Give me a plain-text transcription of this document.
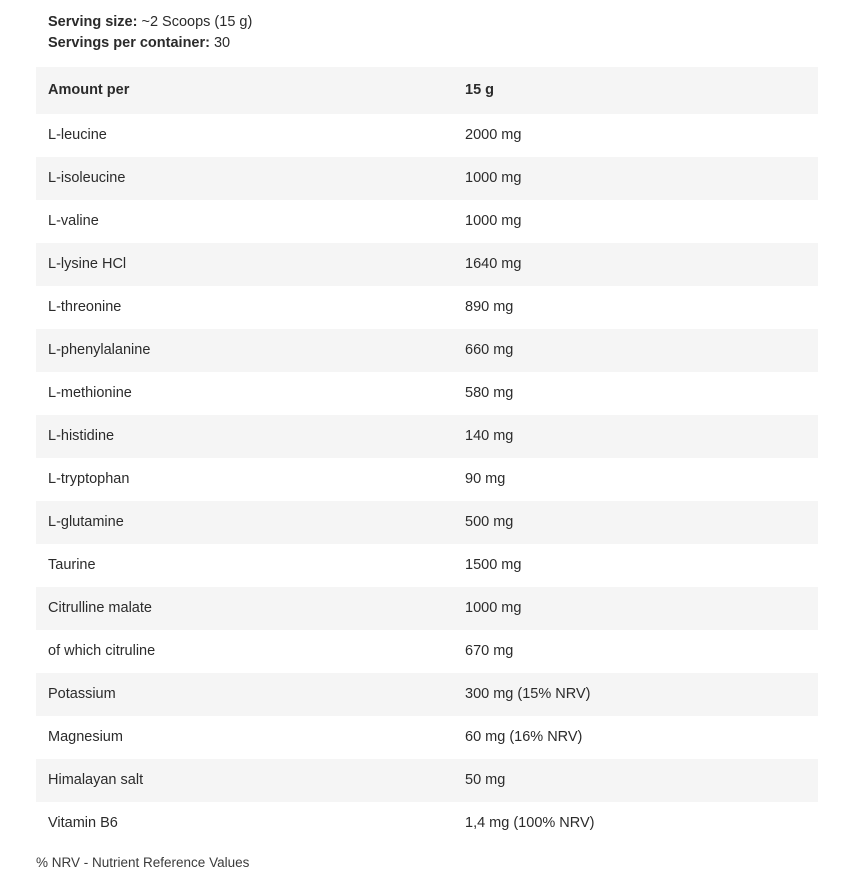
Serving size: ~2 Scoops (15 g)
Servings per container: 30
Amount per	15 g
L-leucine	2000 mg
L-isoleucine	1000 mg
L-valine	1000 mg
L-lysine HCl	1640 mg
L-threonine	890 mg
L-phenylalanine	660 mg
L-methionine	580 mg
L-histidine	140 mg
L-tryptophan	90 mg
L-glutamine	500 mg
Taurine	1500 mg
Citrulline malate	1000 mg
of which citruline	670 mg
Potassium	300 mg (15% NRV)
Magnesium	60 mg (16% NRV)
Himalayan salt	50 mg
Vitamin B6	1,4 mg (100% NRV)
% NRV - Nutrient Reference Values
